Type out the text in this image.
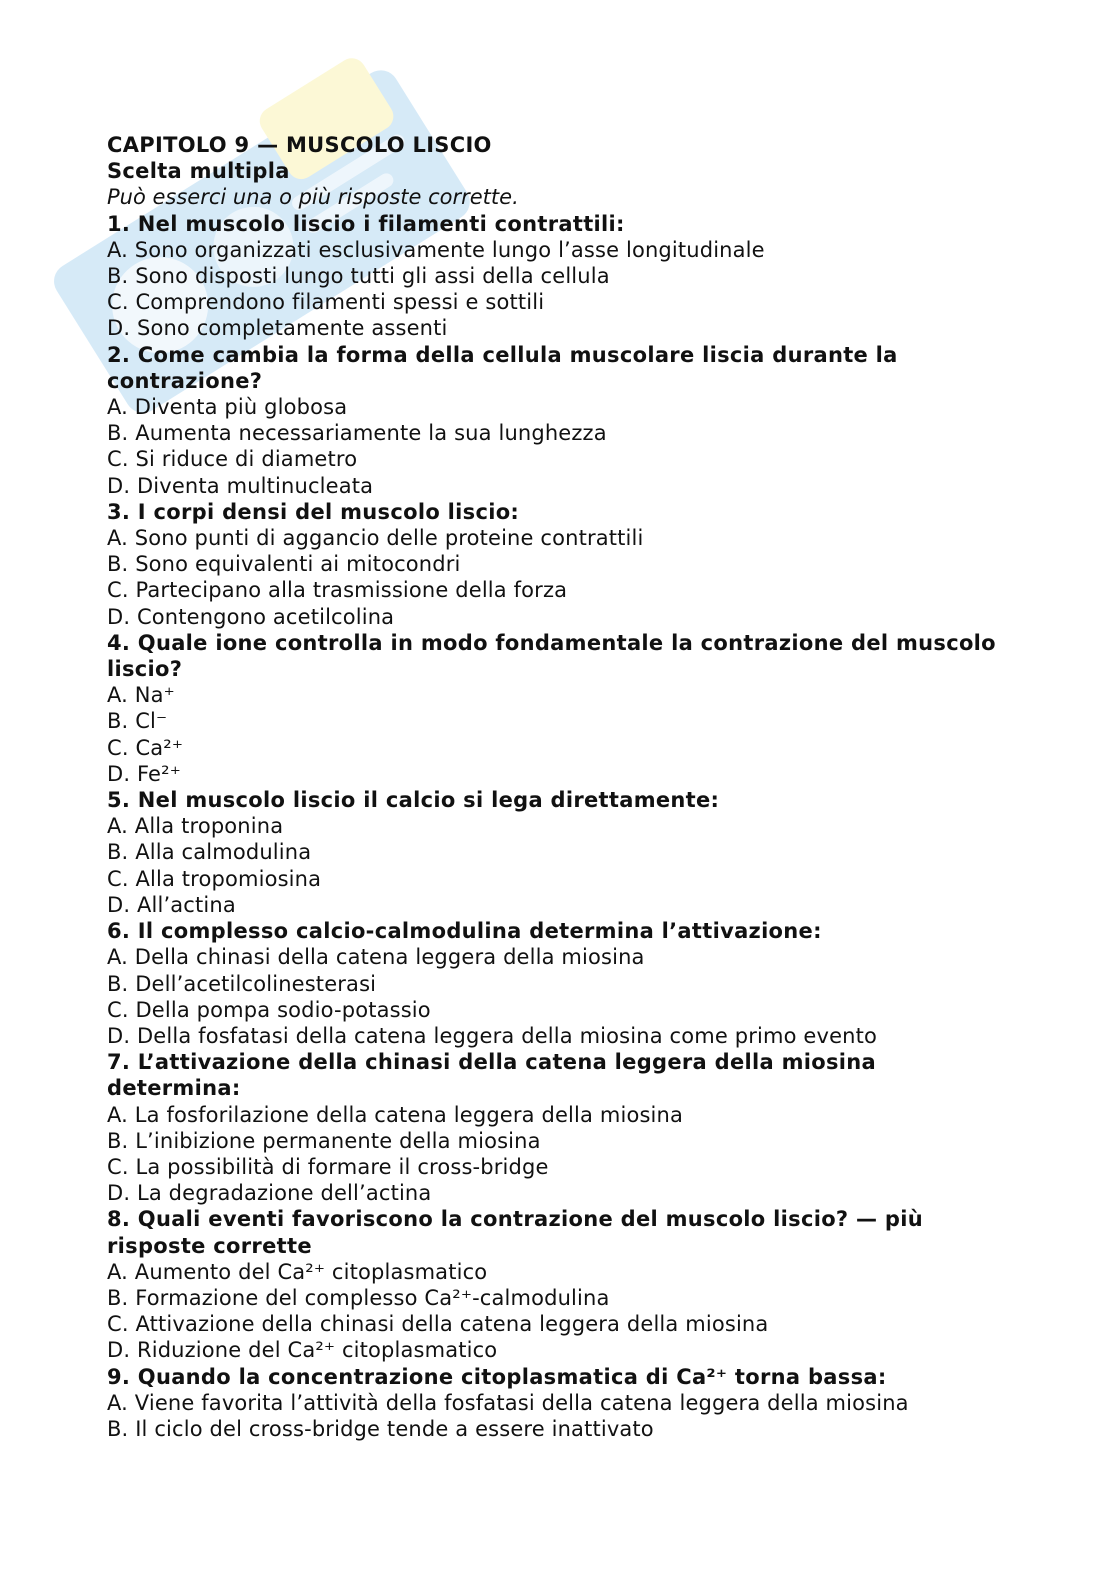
CAPITOLO 9 — MUSCOLO LISCIO

Scelta multipla

Può esserci una o più risposte corrette.

1. Nel muscolo liscio i filamenti contrattili:

A. Sono organizzati esclusivamente lungo l’asse longitudinale

B. Sono disposti lungo tutti gli assi della cellula

C. Comprendono filamenti spessi e sottili

D. Sono completamente assenti

2. Come cambia la forma della cellula muscolare liscia durante la contrazione?

A. Diventa più globosa

B. Aumenta necessariamente la sua lunghezza

C. Si riduce di diametro

D. Diventa multinucleata

3. I corpi densi del muscolo liscio:

A. Sono punti di aggancio delle proteine contrattili

B. Sono equivalenti ai mitocondri

C. Partecipano alla trasmissione della forza

D. Contengono acetilcolina

4. Quale ione controlla in modo fondamentale la contrazione del muscolo liscio?

A. Na⁺

B. Cl⁻

C. Ca²⁺

D. Fe²⁺

5. Nel muscolo liscio il calcio si lega direttamente:

A. Alla troponina

B. Alla calmodulina

C. Alla tropomiosina

D. All’actina

6. Il complesso calcio-calmodulina determina l’attivazione:

A. Della chinasi della catena leggera della miosina

B. Dell’acetilcolinesterasi

C. Della pompa sodio-potassio

D. Della fosfatasi della catena leggera della miosina come primo evento

7. L’attivazione della chinasi della catena leggera della miosina determina:

A. La fosforilazione della catena leggera della miosina

B. L’inibizione permanente della miosina

C. La possibilità di formare il cross-bridge

D. La degradazione dell’actina

8. Quali eventi favoriscono la contrazione del muscolo liscio? — più risposte corrette

A. Aumento del Ca²⁺ citoplasmatico

B. Formazione del complesso Ca²⁺-calmodulina

C. Attivazione della chinasi della catena leggera della miosina

D. Riduzione del Ca²⁺ citoplasmatico

9. Quando la concentrazione citoplasmatica di Ca²⁺ torna bassa:

A. Viene favorita l’attività della fosfatasi della catena leggera della miosina

B. Il ciclo del cross-bridge tende a essere inattivato
